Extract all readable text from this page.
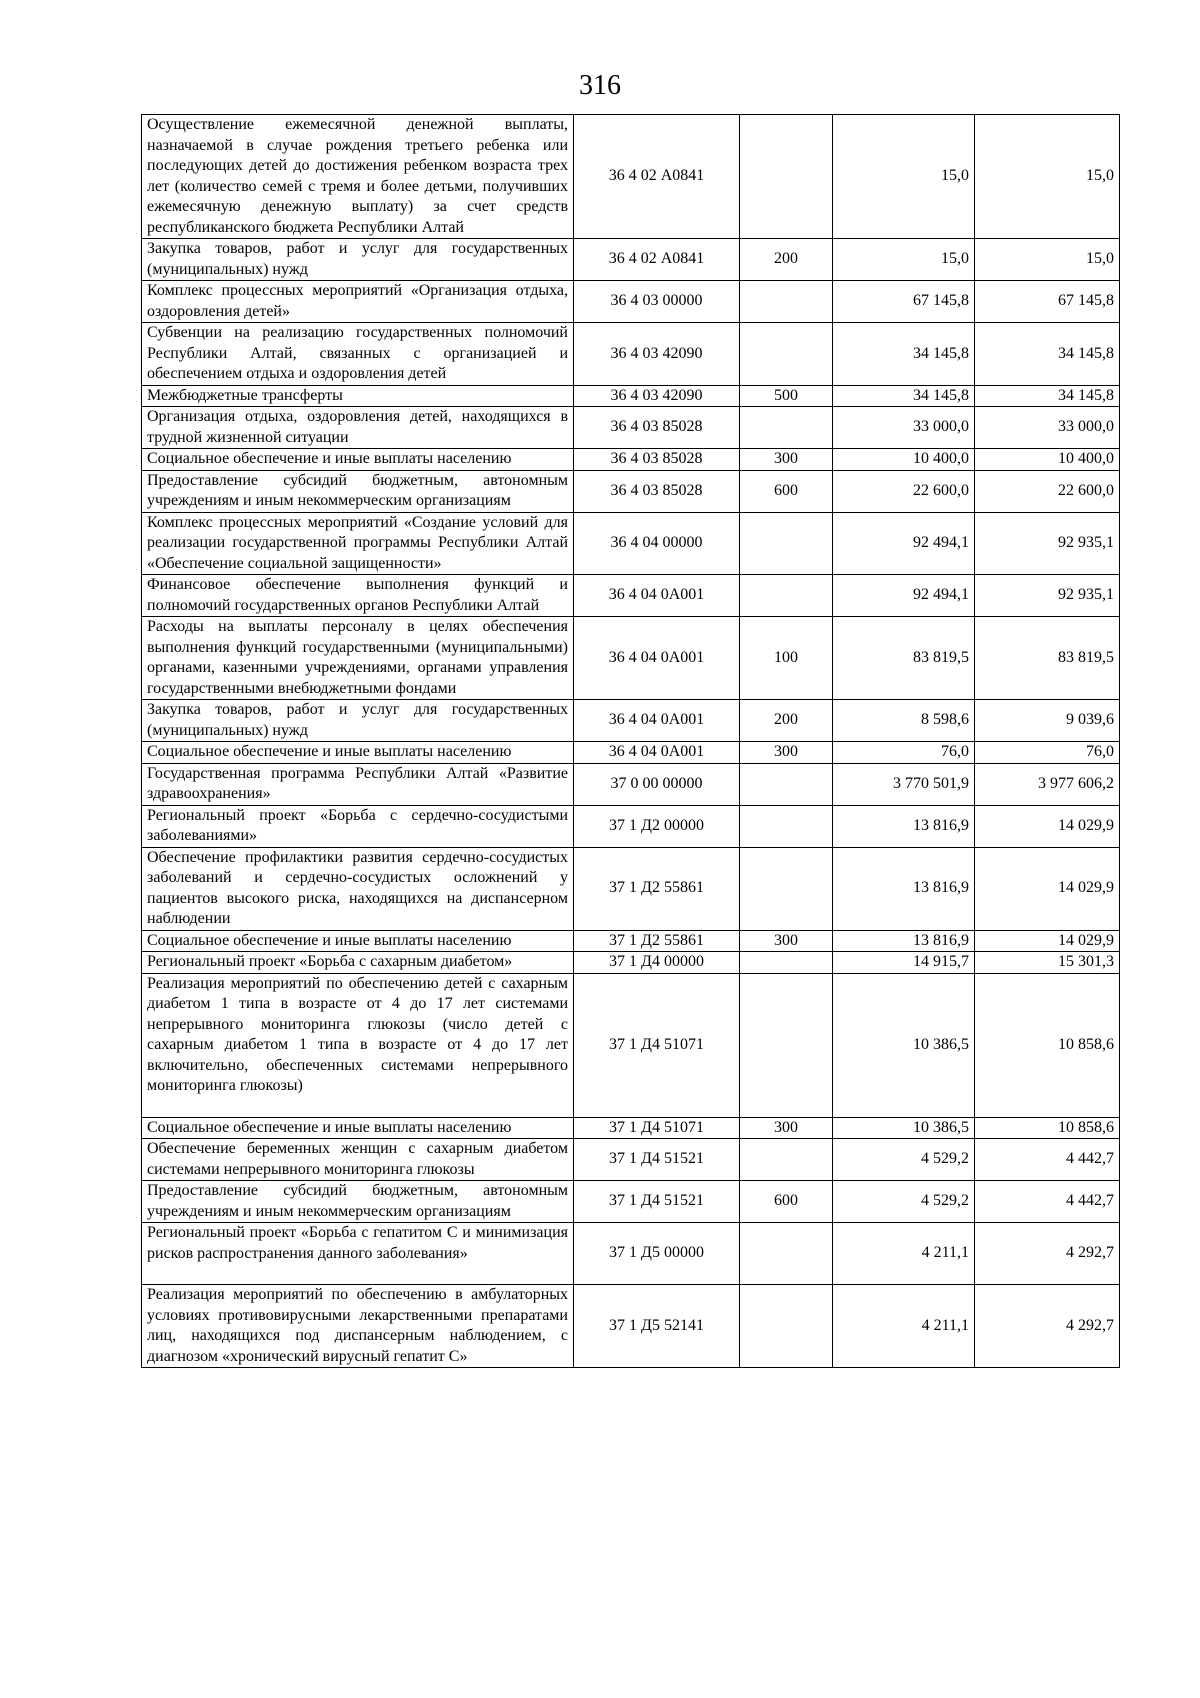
316
Осуществление ежемесячной денежной выплаты, назначаемой в случае рождения третьего ребенка или последующих детей до достижения ребенком возраста трех лет (количество семей с тремя и более детьми, получивших ежемесячную денежную выплату) за счет средств республиканского бюджета Республики Алтай	36 4 02 А0841		15,0	15,0
Закупка товаров, работ и услуг для государственных (муниципальных) нужд	36 4 02 А0841	200	15,0	15,0
Комплекс процессных мероприятий «Организация отдыха, оздоровления детей»	36 4 03 00000		67 145,8	67 145,8
Субвенции на реализацию государственных полномочий Республики Алтай, связанных с организацией и обеспечением отдыха и оздоровления детей	36 4 03 42090		34 145,8	34 145,8
Межбюджетные трансферты	36 4 03 42090	500	34 145,8	34 145,8
Организация отдыха, оздоровления детей, находящихся в трудной жизненной ситуации	36 4 03 85028		33 000,0	33 000,0
Социальное обеспечение и иные выплаты населению	36 4 03 85028	300	10 400,0	10 400,0
Предоставление субсидий бюджетным, автономным учреждениям и иным некоммерческим организациям	36 4 03 85028	600	22 600,0	22 600,0
Комплекс процессных мероприятий «Создание условий для реализации государственной программы Республики Алтай «Обеспечение социальной защищенности»	36 4 04 00000		92 494,1	92 935,1
Финансовое обеспечение выполнения функций и полномочий государственных органов Республики Алтай	36 4 04 0А001		92 494,1	92 935,1
Расходы на выплаты персоналу в целях обеспечения выполнения функций государственными (муниципальными) органами, казенными учреждениями, органами управления государственными внебюджетными фондами	36 4 04 0А001	100	83 819,5	83 819,5
Закупка товаров, работ и услуг для государственных (муниципальных) нужд	36 4 04 0А001	200	8 598,6	9 039,6
Социальное обеспечение и иные выплаты населению	36 4 04 0А001	300	76,0	76,0
Государственная программа Республики Алтай «Развитие здравоохранения»	37 0 00 00000		3 770 501,9	3 977 606,2
Региональный проект «Борьба с сердечно-сосудистыми заболеваниями»	37 1 Д2 00000		13 816,9	14 029,9
Обеспечение профилактики развития сердечно-сосудистых заболеваний и сердечно-сосудистых осложнений у пациентов высокого риска, находящихся на диспансерном наблюдении	37 1 Д2 55861		13 816,9	14 029,9
Социальное обеспечение и иные выплаты населению	37 1 Д2 55861	300	13 816,9	14 029,9
Региональный проект «Борьба с сахарным диабетом»	37 1 Д4 00000		14 915,7	15 301,3
Реализация мероприятий по обеспечению детей с сахарным диабетом 1 типа в возрасте от 4 до 17 лет системами непрерывного мониторинга глюкозы (число детей с сахарным диабетом 1 типа в возрасте от 4 до 17 лет включительно, обеспеченных системами непрерывного мониторинга глюкозы)	37 1 Д4 51071		10 386,5	10 858,6
Социальное обеспечение и иные выплаты населению	37 1 Д4 51071	300	10 386,5	10 858,6
Обеспечение беременных женщин с сахарным диабетом системами непрерывного мониторинга глюкозы	37 1 Д4 51521		4 529,2	4 442,7
Предоставление субсидий бюджетным, автономным учреждениям и иным некоммерческим организациям	37 1 Д4 51521	600	4 529,2	4 442,7
Региональный проект «Борьба с гепатитом С и минимизация рисков распространения данного заболевания»	37 1 Д5 00000		4 211,1	4 292,7
Реализация мероприятий по обеспечению в амбулаторных условиях противовирусными лекарственными препаратами лиц, находящихся под диспансерным наблюдением, с диагнозом «хронический вирусный гепатит С»	37 1 Д5 52141		4 211,1	4 292,7
